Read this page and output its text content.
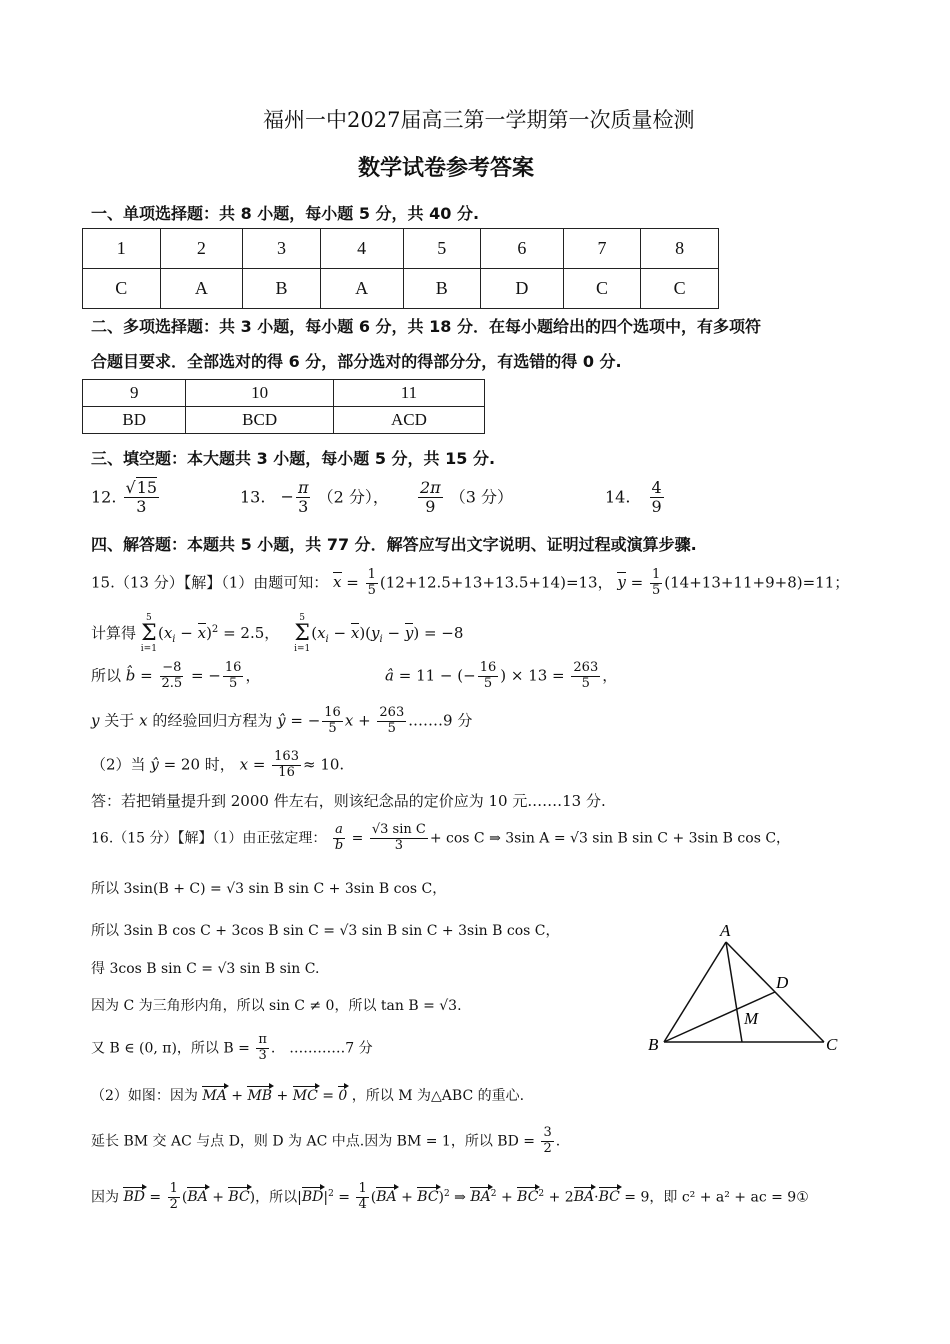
福州一中2027届高三第一学期第一次质量检测
数学试卷参考答案
一、单项选择题：共 8 小题，每小题 5 分，共 40 分.
1	2	3	4	5	6	7	8
C	A	B	A	B	D	C	C
二、多项选择题：共 3 小题，每小题 6 分，共 18 分．在每小题给出的四个选项中，有多项符
合题目要求．全部选对的得 6 分，部分选对的得部分分，有选错的得 0 分.
9	10	11
BD	BCD	ACD
三、填空题：本大题共 3 小题，每小题 5 分，共 15 分.
12. $\frac{√15}{3}$	13. − $\frac{\pi}{3} (2$ 分）， $\frac{2\pi}{9} (3$ 分）	14. $\frac{4}{9}$
四、解答题：本题共 5 小题，共 77 分．解答应写出文字说明、证明过程或演算步骤.
15.（13 分）【解】（1）由题可知： $x = \frac{1}{5} (12+12.5+13+13.5+14)=13$， $y = \frac{1}{5} (14+13+11+9+8)=11$；
计算得
5
Σ
i=1
$(x_i - x)^2 = 2.5$，
5
Σ
i=1
$(x_i - x)(y_i - y) = -8$
所以 b̂ = $\frac{-8}{2.5}$ = − $\frac{16}{5}$ ，	â = 11 − (− $\frac{16}{5}$ ) × $13 = \frac{263}{5}$ ，
y 关于 x 的经验回归方程为 ŷ = − $\frac{16}{5}$ $x + \frac{263}{5}$ .……9 分
（2）当 ŷ = 20 时， $x = \frac{163}{16} \approx 10$.
答：若把销量提升到 2000 件左右，则该纪念品的定价应为 10 元.……13 分.
16.（15 分）【解】（1）由正弦定理： $\frac{a}{b} = \frac{\text{√3 sin C}}{3} + \cos C$ ⇒ 3sin A = √3 sin B sin C + 3sin B cos C，
所以 3sin(B + C) = √3 sin B sin C + 3sin B cos C，
所以 3sin B cos C + 3cos B sin C = √3 sin B sin C + 3sin B cos C，
得 3cos B sin C = √3 sin B sin C.
因为 C 为三角形内角，所以 sin C ≠ 0，所以 tan B = √3.
又 B ∈ (0, π)，所以 $B = \frac{\pi}{3}$ .　…………7 分
（2）如图：因为 MA + MB + MC = 0 ，所以 M 为△ABC 的重心.
延长 BM 交 AC 与点 D，则 D 为 AC 中点.因为 BM = 1，所以 BD = $\frac{3}{2}$ .
因为 BD = $\frac{1}{2} (BA + BC)$，所以$|BD|^2 = \frac{1}{4} (BA + BC)^2$ ⇒ $BA^2 + BC^2 + 2BA\cdot BC = 9$，即 c² + a² + ac = 9①
A
B	C
D
M
